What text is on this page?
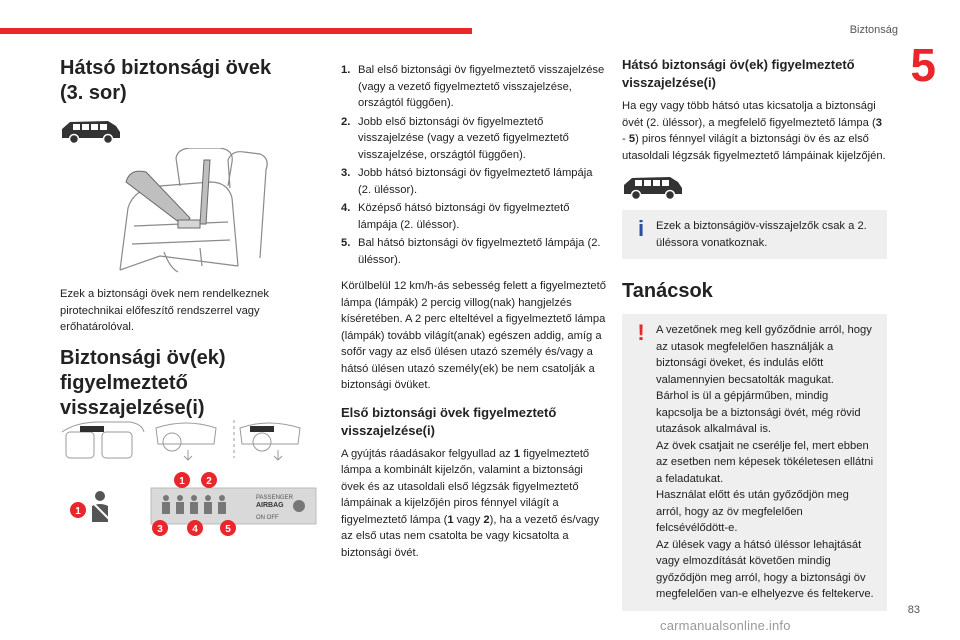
Biztonság
5
Hátsó biztonsági övek (3. sor)

Ezek a biztonsági övek nem rendelkeznek pirotechnikai előfeszítő rendszerrel vagy erőhatárolóval.

Biztonsági öv(ek) figyelmeztető visszajelzése(i)
PASSENGER
AIRBAG
ON OFF
1 2
3	4	5
1
1. Bal első biztonsági öv figyelmeztető visszajelzése (vagy a vezető figyelmeztető visszajelzése, országtól függően).
2. Jobb első biztonsági öv figyelmeztető visszajelzése (vagy a vezető figyelmeztető visszajelzése, országtól függően).
3. Jobb hátsó biztonsági öv figyelmeztető lámpája (2. üléssor).
4. Középső hátsó biztonsági öv figyelmeztető lámpája (2. üléssor).
5. Bal hátsó biztonsági öv figyelmeztető lámpája (2. üléssor).

Körülbelül 12 km/h-ás sebesség felett a figyelmeztető lámpa (lámpák) 2 percig villog(nak) hangjelzés kíséretében. A 2 perc elteltével a figyelmeztető lámpa (lámpák) tovább világít(anak) egészen addig, amíg a sofőr vagy az első ülésen utazó személy és/vagy a hátsó ülésen utazó személy(ek) be nem csatolják a biztonsági övüket.

Első biztonsági övek figyelmeztető visszajelzése(i)

A gyújtás ráadásakor felgyullad az 1 figyelmeztető lámpa a kombinált kijelzőn, valamint a biztonsági övek és az utasoldali első légzsák figyelmeztető lámpáinak a kijelzőjén piros fénnyel világít a figyelmeztető lámpa (1 vagy 2), ha a vezető és/vagy az első utas nem csatolta be vagy kicsatolta a biztonsági övét.

Hátsó biztonsági öv(ek) figyelmeztető visszajelzése(i)

Ha egy vagy több hátsó utas kicsatolja a biztonsági övét (2. üléssor), a megfelelő figyelmeztető lámpa (3 - 5) piros fénnyel világít a biztonsági öv és az első utasoldali légzsák figyelmeztető lámpáinak kijelzőjén.

i	Ezek a biztonságiöv-visszajelzők csak a 2. üléssora vonatkoznak.
Tanácsok
!	A vezetőnek meg kell győződnie arról, hogy az utasok megfelelően használják a biztonsági öveket, és indulás előtt valamennyien becsatolták magukat.

Bárhol is ül a gépjárműben, mindig kapcsolja be a biztonsági övét, még rövid utazások alkalmával is.

Az övek csatjait ne cserélje fel, mert ebben az esetben nem képesek tökéletesen ellátni a feladatukat.

Használat előtt és után győződjön meg arról, hogy az öv megfelelően felcsévélődött-e.

Az ülések vagy a hátsó üléssor lehajtását vagy elmozdítását követően mindig győződjön meg arról, hogy a biztonsági öv megfelelően van-e elhelyezve és feltekerve.

83
carmanualsonline.info
